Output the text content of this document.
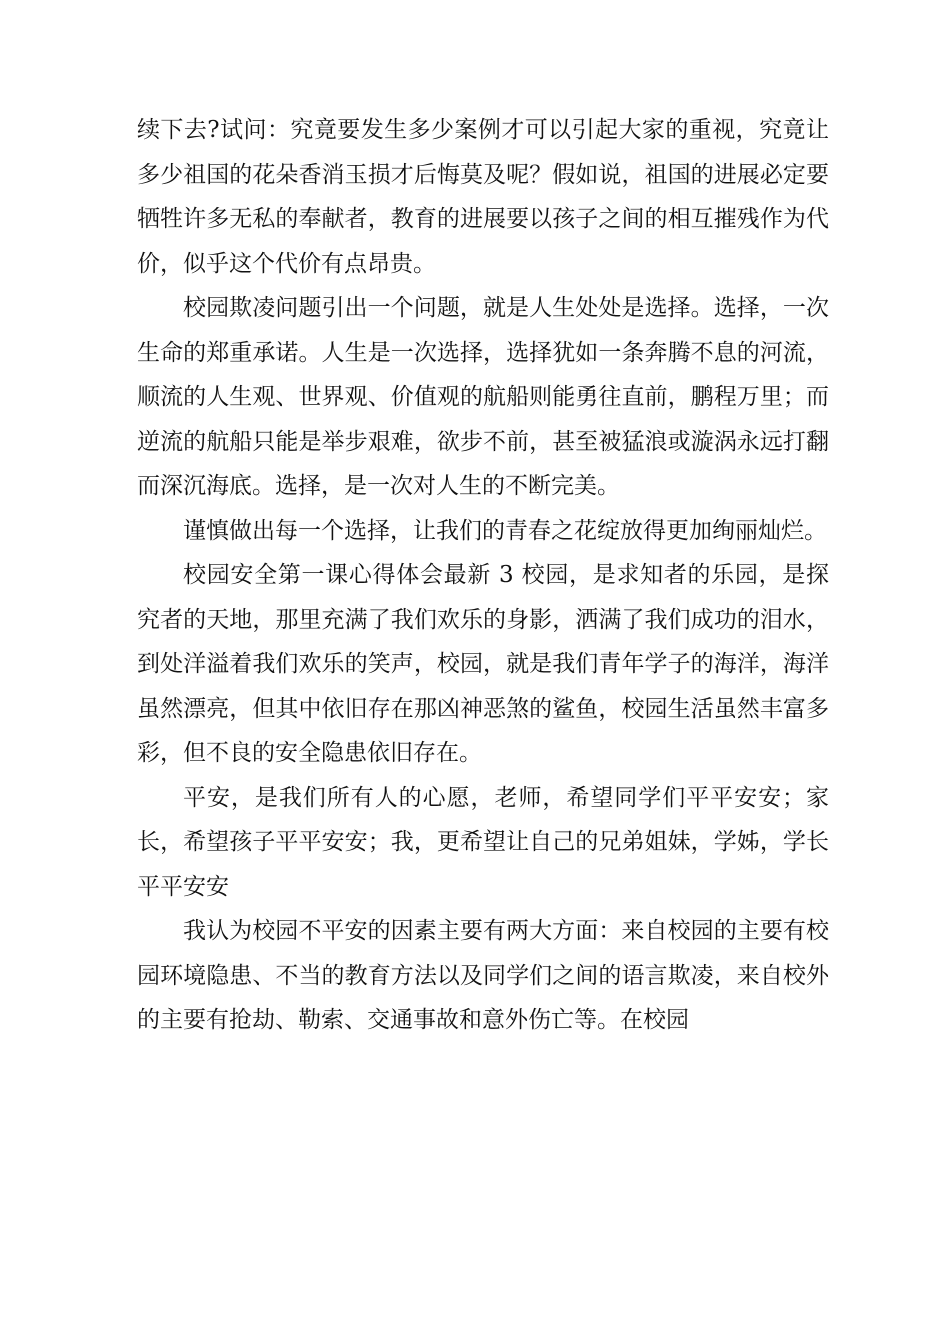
续下去?试问：究竟要发生多少案例才可以引起大家的重视，究竟让多少祖国的花朵香消玉损才后悔莫及呢？假如说，祖国的进展必定要牺牲许多无私的奉献者，教育的进展要以孩子之间的相互摧残作为代价，似乎这个代价有点昂贵。

校园欺凌问题引出一个问题，就是人生处处是选择。选择，一次生命的郑重承诺。人生是一次选择，选择犹如一条奔腾不息的河流，顺流的人生观、世界观、价值观的航船则能勇往直前，鹏程万里；而逆流的航船只能是举步艰难，欲步不前，甚至被猛浪或漩涡永远打翻而深沉海底。选择，是一次对人生的不断完美。

谨慎做出每一个选择，让我们的青春之花绽放得更加绚丽灿烂。

校园安全第一课心得体会最新 3 校园，是求知者的乐园，是探究者的天地，那里充满了我们欢乐的身影，洒满了我们成功的泪水，到处洋溢着我们欢乐的笑声，校园，就是我们青年学子的海洋，海洋虽然漂亮，但其中依旧存在那凶神恶煞的鲨鱼，校园生活虽然丰富多彩，但不良的安全隐患依旧存在。

平安，是我们所有人的心愿，老师，希望同学们平平安安；家长，希望孩子平平安安；我，更希望让自己的兄弟姐妹，学姊，学长平平安安

我认为校园不平安的因素主要有两大方面：来自校园的主要有校园环境隐患、不当的教育方法以及同学们之间的语言欺凌，来自校外的主要有抢劫、勒索、交通事故和意外伤亡等。在校园
